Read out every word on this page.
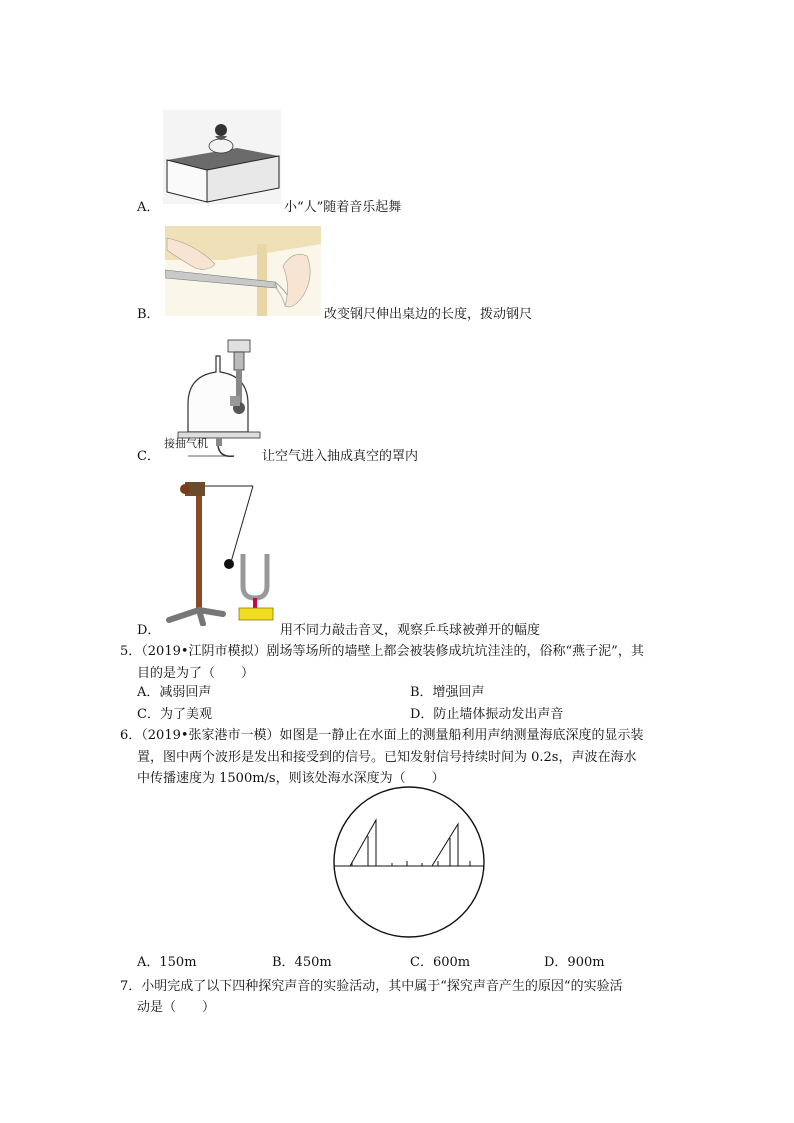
A．	小“人”随着音乐起舞
B．	改变钢尺伸出桌边的长度，拨动钢尺
接抽气机
C．	让空气进入抽成真空的罩内
D．	用不同力敲击音叉，观察乒乓球被弹开的幅度
5．（2019•江阴市模拟）剧场等场所的墙壁上都会被装修成坑坑洼洼的，俗称“燕子泥”，其
目的是为了（　　）
A．减弱回声	B．增强回声
C．为了美观	D．防止墙体振动发出声音
6．（2019•张家港市一模）如图是一静止在水面上的测量船利用声纳测量海底深度的显示装
置，图中两个波形是发出和接受到的信号。已知发射信号持续时间为 0.2s，声波在海水
中传播速度为 1500m/s，则该处海水深度为（　　）
A．150m	B．450m	C．600m	D．900m
7．小明完成了以下四种探究声音的实验活动，其中属于“探究声音产生的原因“的实验活
动是（　　）
